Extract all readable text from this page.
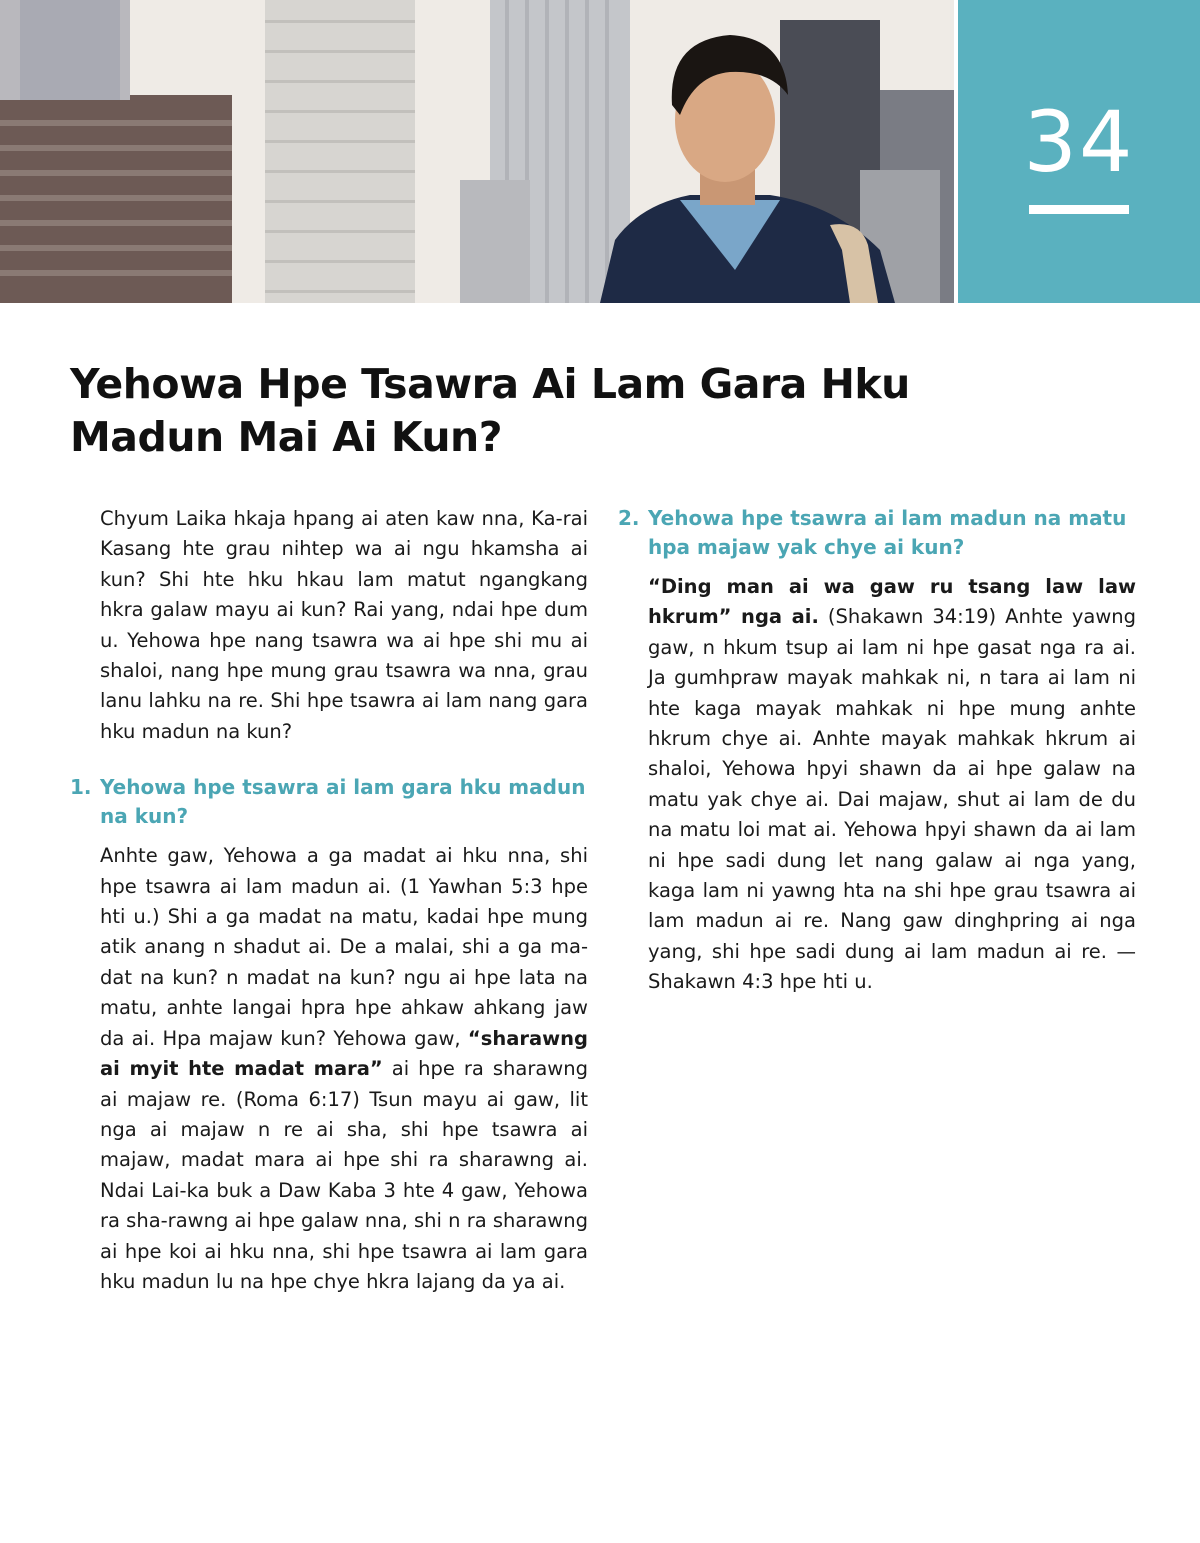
34
Yehowa Hpe Tsawra Ai Lam Gara Hku Madun Mai Ai Kun?

Chyum Laika hkaja hpang ai aten kaw nna, Ka-rai Kasang hte grau nihtep wa ai ngu hkamsha ai kun? Shi hte hku hkau lam matut ngangkang hkra galaw mayu ai kun? Rai yang, ndai hpe dum u. Yehowa hpe nang tsawra wa ai hpe shi mu ai shaloi, nang hpe mung grau tsawra wa nna, grau lanu lahku na re. Shi hpe tsawra ai lam nang gara hku madun na kun?

1. Yehowa hpe tsawra ai lam gara hku madun na kun?

Anhte gaw, Yehowa a ga madat ai hku nna, shi hpe tsawra ai lam madun ai. (1 Yawhan 5:3 hpe hti u.) Shi a ga madat na matu, kadai hpe mung atik anang n shadut ai. De a malai, shi a ga ma-dat na kun? n madat na kun? ngu ai hpe lata na matu, anhte langai hpra hpe ahkaw ahkang jaw da ai. Hpa majaw kun? Yehowa gaw, “sharawng ai myit hte madat mara” ai hpe ra sharawng ai majaw re. (Roma 6:17) Tsun mayu ai gaw, lit nga ai majaw n re ai sha, shi hpe tsawra ai majaw, madat mara ai hpe shi ra sharawng ai. Ndai Lai-ka buk a Daw Kaba 3 hte 4 gaw, Yehowa ra sha-rawng ai hpe galaw nna, shi n ra sharawng ai hpe koi ai hku nna, shi hpe tsawra ai lam gara hku madun lu na hpe chye hkra lajang da ya ai.

2. Yehowa hpe tsawra ai lam madun na matu hpa majaw yak chye ai kun?

“Ding man ai wa gaw ru tsang law law hkrum” nga ai. (Shakawn 34:19) Anhte yawng gaw, n hkum tsup ai lam ni hpe gasat nga ra ai. Ja gumhpraw mayak mahkak ni, n tara ai lam ni hte kaga mayak mahkak ni hpe mung anhte hkrum chye ai. Anhte mayak mahkak hkrum ai shaloi, Yehowa hpyi shawn da ai hpe galaw na matu yak chye ai. Dai majaw, shut ai lam de du na matu loi mat ai. Yehowa hpyi shawn da ai lam ni hpe sadi dung let nang galaw ai nga yang, kaga lam ni yawng hta na shi hpe grau tsawra ai lam madun ai re. Nang gaw dinghpring ai nga yang, shi hpe sadi dung ai lam madun ai re. —Shakawn 4:3 hpe hti u.
